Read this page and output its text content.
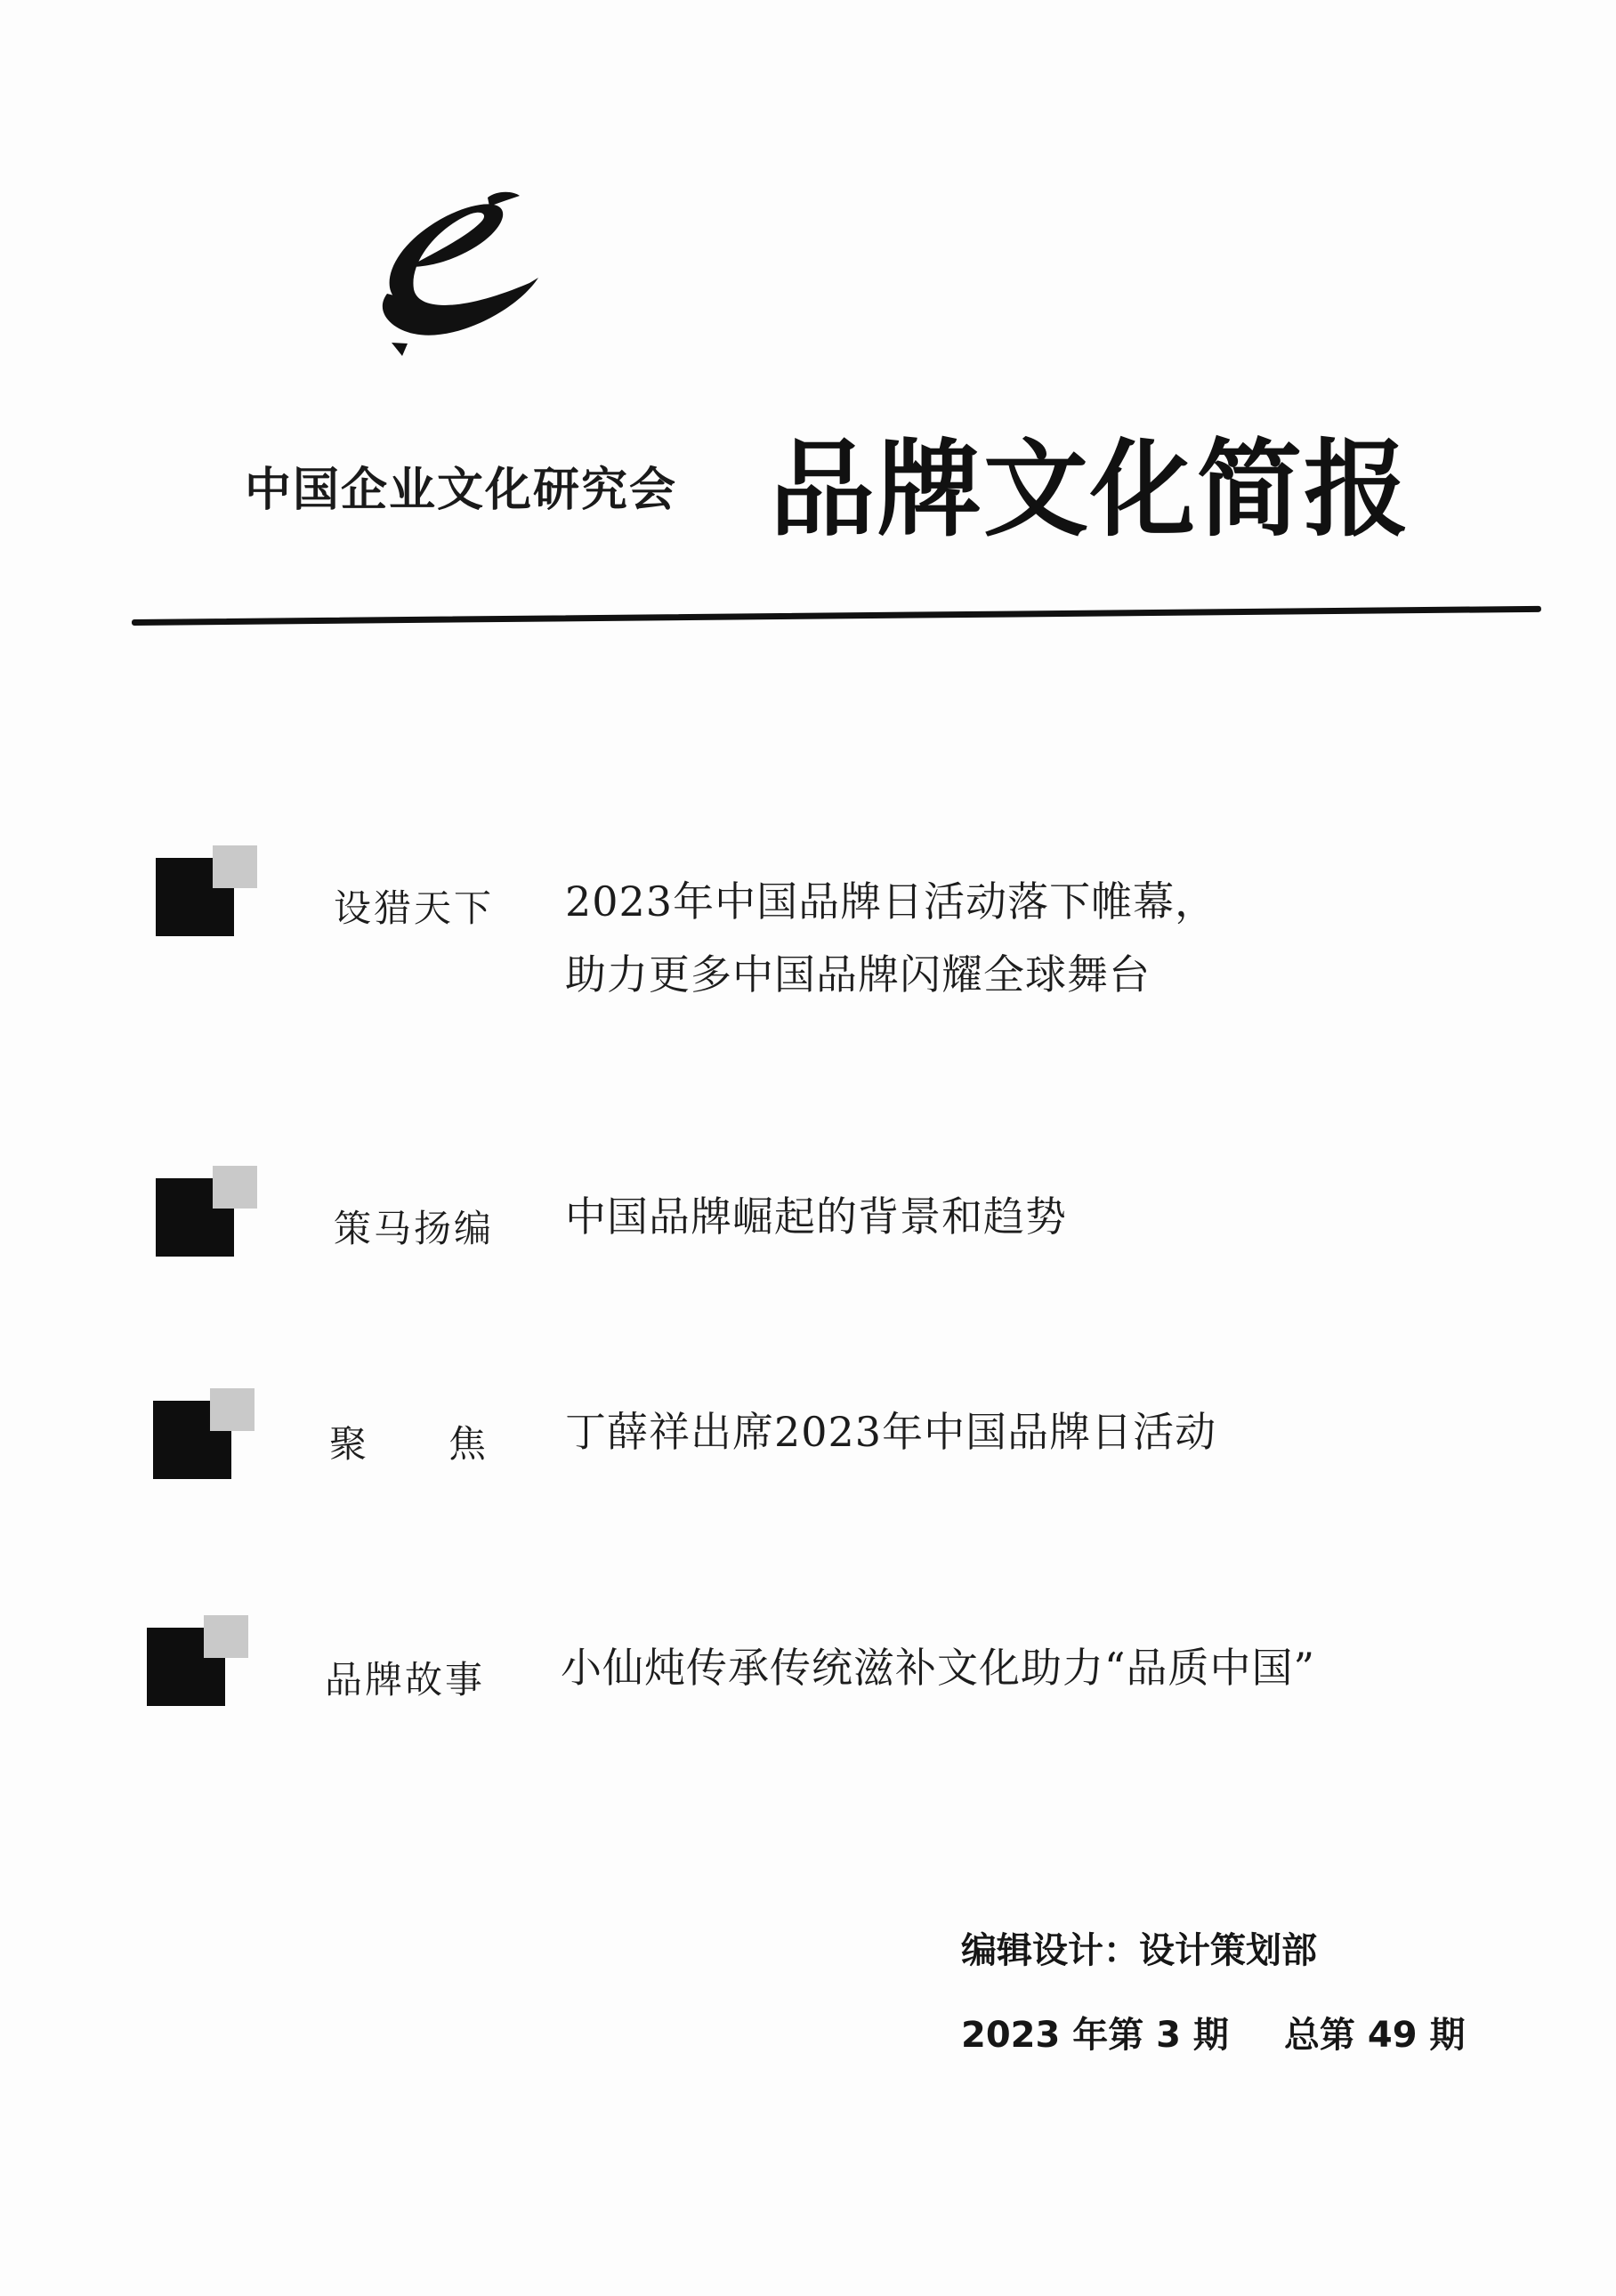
中国企业文化研究会 品牌文化简报
设猎天下 2023年中国品牌日活动落下帷幕，
助力更多中国品牌闪耀全球舞台
策马扬编 中国品牌崛起的背景和趋势
聚焦
丁薛祥出席2023年中国品牌日活动
品牌故事 小仙炖传承传统滋补文化助力“品质中国”
编辑设计：设计策划部
2023 年第 3 期 总第 49 期
